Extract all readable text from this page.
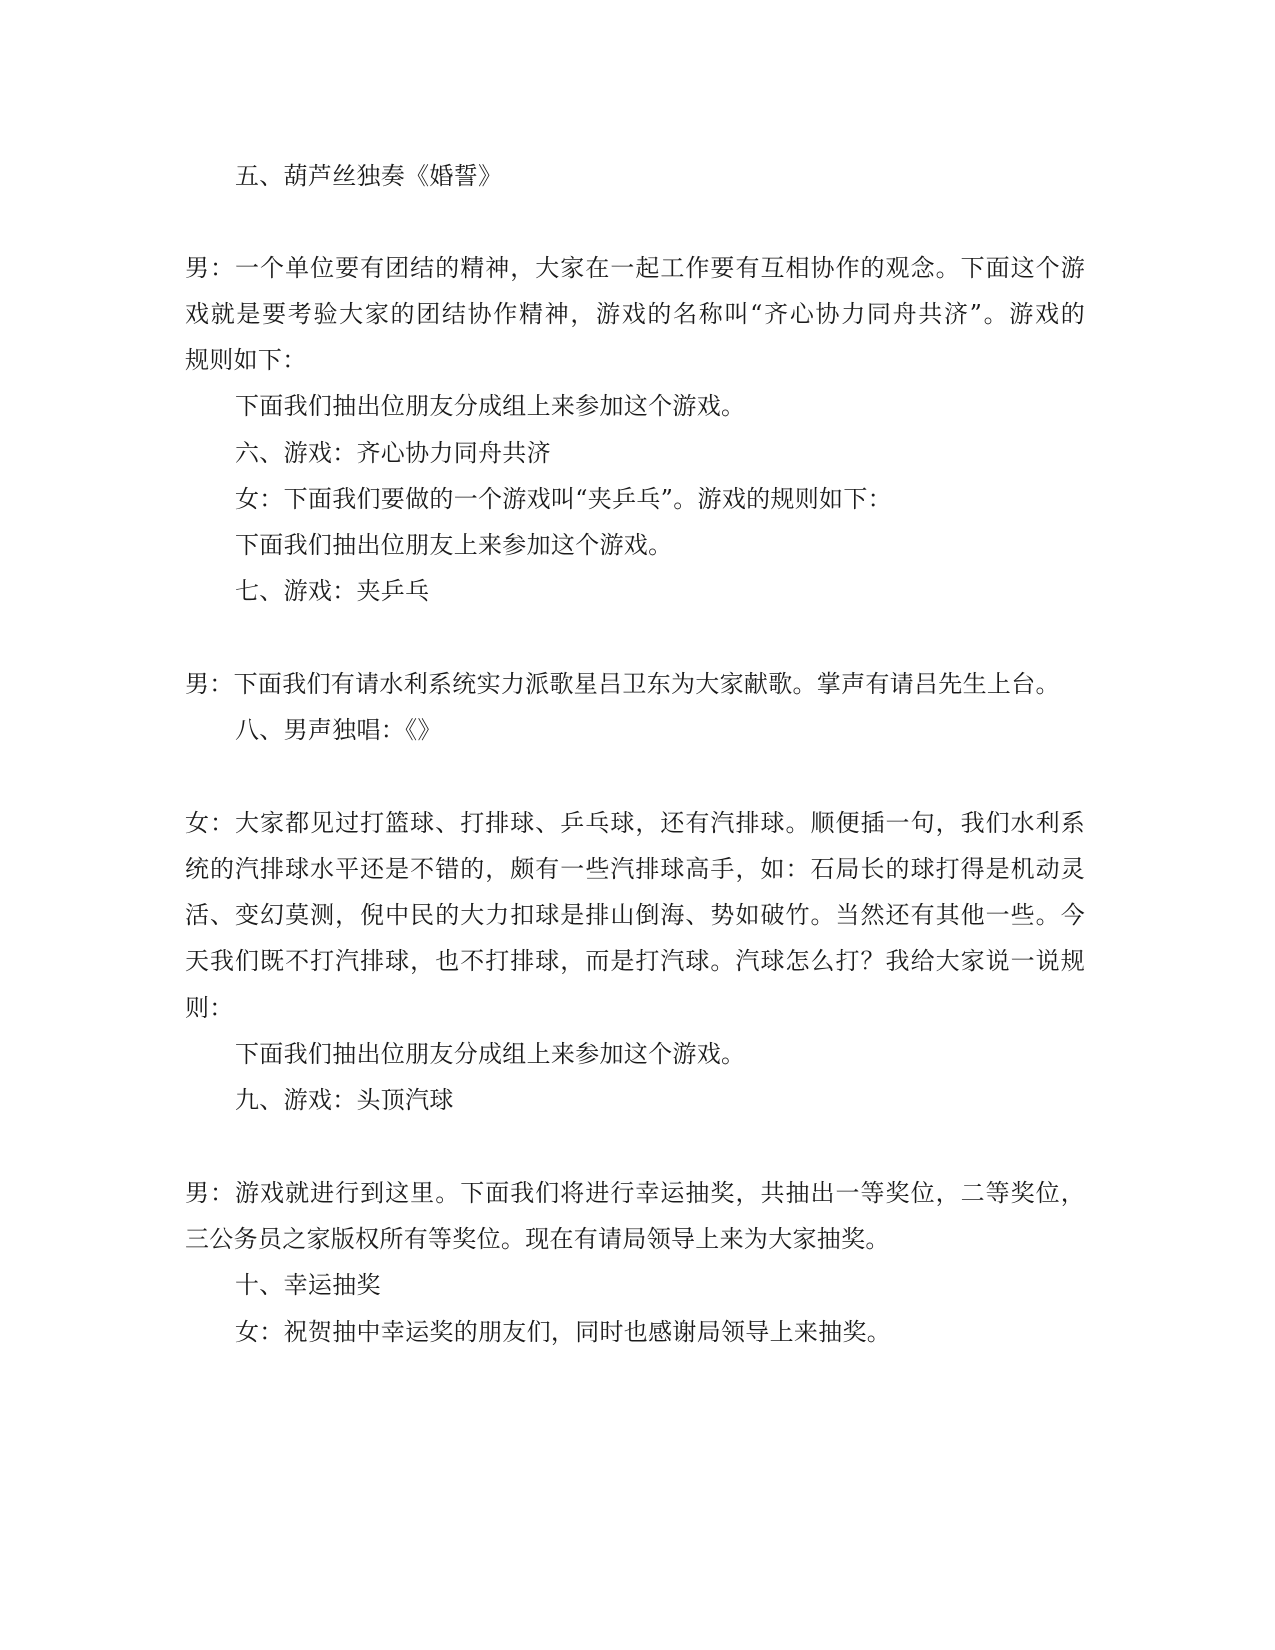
五、葫芦丝独奏《婚誓》
男：一个单位要有团结的精神，大家在一起工作要有互相协作的观念。下面这个游
戏就是要考验大家的团结协作精神，游戏的名称叫“齐心协力同舟共济”。游戏的
规则如下：
下面我们抽出位朋友分成组上来参加这个游戏。
六、游戏：齐心协力同舟共济
女：下面我们要做的一个游戏叫“夹乒乓”。游戏的规则如下：
下面我们抽出位朋友上来参加这个游戏。
七、游戏：夹乒乓
男：下面我们有请水利系统实力派歌星吕卫东为大家献歌。掌声有请吕先生上台。
八、男声独唱：《》
女：大家都见过打篮球、打排球、乒乓球，还有汽排球。顺便插一句，我们水利系
统的汽排球水平还是不错的，颇有一些汽排球高手，如：石局长的球打得是机动灵
活、变幻莫测，倪中民的大力扣球是排山倒海、势如破竹。当然还有其他一些。今
天我们既不打汽排球，也不打排球，而是打汽球。汽球怎么打？我给大家说一说规
则：
下面我们抽出位朋友分成组上来参加这个游戏。
九、游戏：头顶汽球
男：游戏就进行到这里。下面我们将进行幸运抽奖，共抽出一等奖位，二等奖位，
三公务员之家版权所有等奖位。现在有请局领导上来为大家抽奖。
十、幸运抽奖
女：祝贺抽中幸运奖的朋友们，同时也感谢局领导上来抽奖。
